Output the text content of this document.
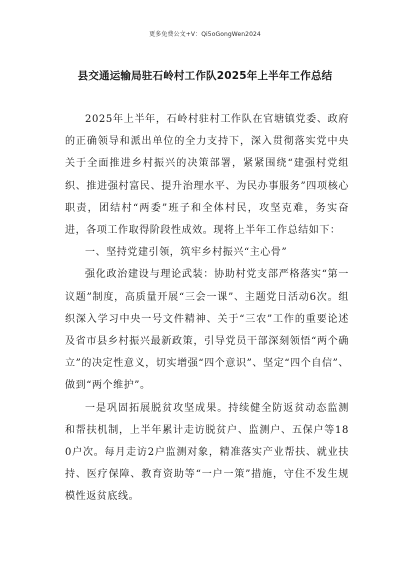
更多免费公文+V：Qi5oGongWen2024
县交通运输局驻石岭村工作队2025年上半年工作总结

2025年上半年，石岭村驻村工作队在官塘镇党委、政府的正确领导和派出单位的全力支持下，深入贯彻落实党中央关于全面推进乡村振兴的决策部署，紧紧围绕“建强村党组织、推进强村富民、提升治理水平、为民办事服务”四项核心职责，团结村“两委”班子和全体村民，攻坚克难，务实奋进，各项工作取得阶段性成效。现将上半年工作总结如下：

一、坚持党建引领，筑牢乡村振兴“主心骨”

强化政治建设与理论武装：协助村党支部严格落实“第一议题”制度，高质量开展“三会一课”、主题党日活动6次。组织深入学习中央一号文件精神、关于“三农”工作的重要论述及省市县乡村振兴最新政策，引导党员干部深刻领悟“两个确立”的决定性意义，切实增强“四个意识”、坚定“四个自信”、做到“两个维护”。

一是巩固拓展脱贫攻坚成果。持续健全防返贫动态监测和帮扶机制，上半年累计走访脱贫户、监测户、五保户等180户次。每月走访2户监测对象，精准落实产业帮扶、就业扶持、医疗保障、教育资助等“一户一策”措施，守住不发生规模性返贫底线。
